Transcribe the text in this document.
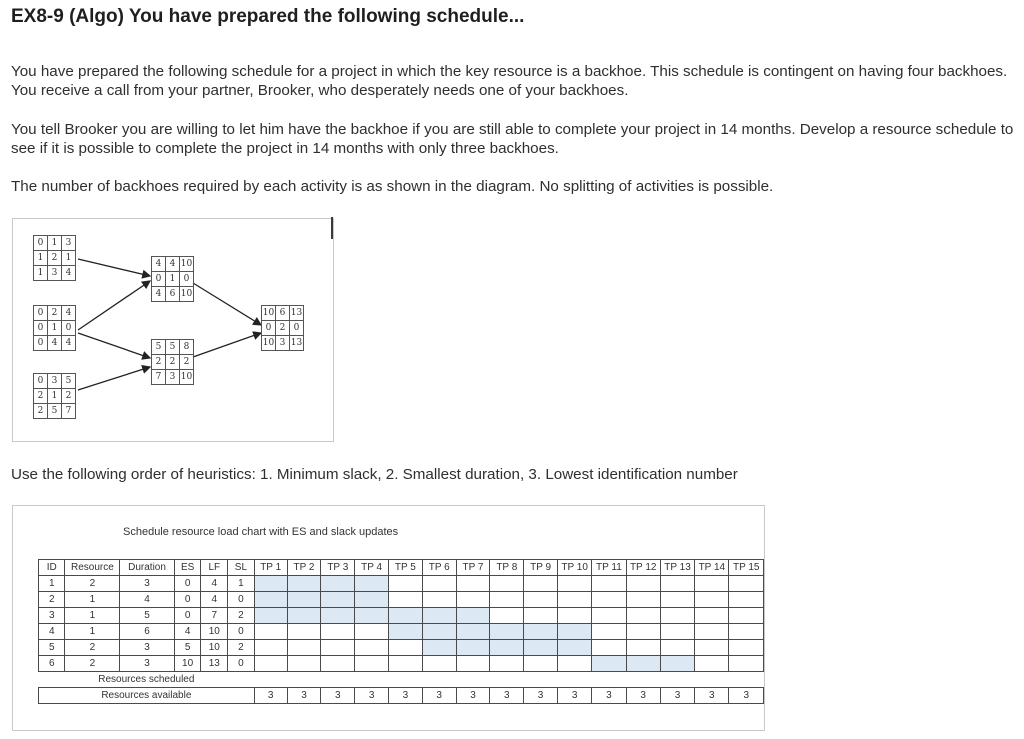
EX8-9 (Algo) You have prepared the following schedule...
You have prepared the following schedule for a project in which the key resource is a backhoe. This schedule is contingent on having four backhoes. You receive a call from your partner, Brooker, who desperately needs one of your backhoes.
You tell Brooker you are willing to let him have the backhoe if you are still able to complete your project in 14 months. Develop a resource schedule to see if it is possible to complete the project in 14 months with only three backhoes.
The number of backhoes required by each activity is as shown in the diagram. No splitting of activities is possible.
0	1	3
1	2	1
1	3	4
0	2	4
0	1	0
0	4	4
0	3	5
2	1	2
2	5	7
4	4	10
0	1	0
4	6	10
5	5	8
2	2	2
7	3	10
10	6	13
0	2	0
10	3	13
Use the following order of heuristics: 1. Minimum slack, 2. Smallest duration, 3. Lowest identification number
Schedule resource load chart with ES and slack updates
ID	Resource	Duration	ES	LF	SL	TP 1	TP 2	TP 3	TP 4	TP 5	TP 6	TP 7	TP 8	TP 9	TP 10	TP 11	TP 12	TP 13	TP 14	TP 15
1	2	3	0	4	1															
2	1	4	0	4	0															
3	1	5	0	7	2															
4	1	6	4	10	0															
5	2	3	5	10	2															
6	2	3	10	13	0															
Resources scheduled																				
Resources available						3	3	3	3	3	3	3	3	3	3	3	3	3	3	3
